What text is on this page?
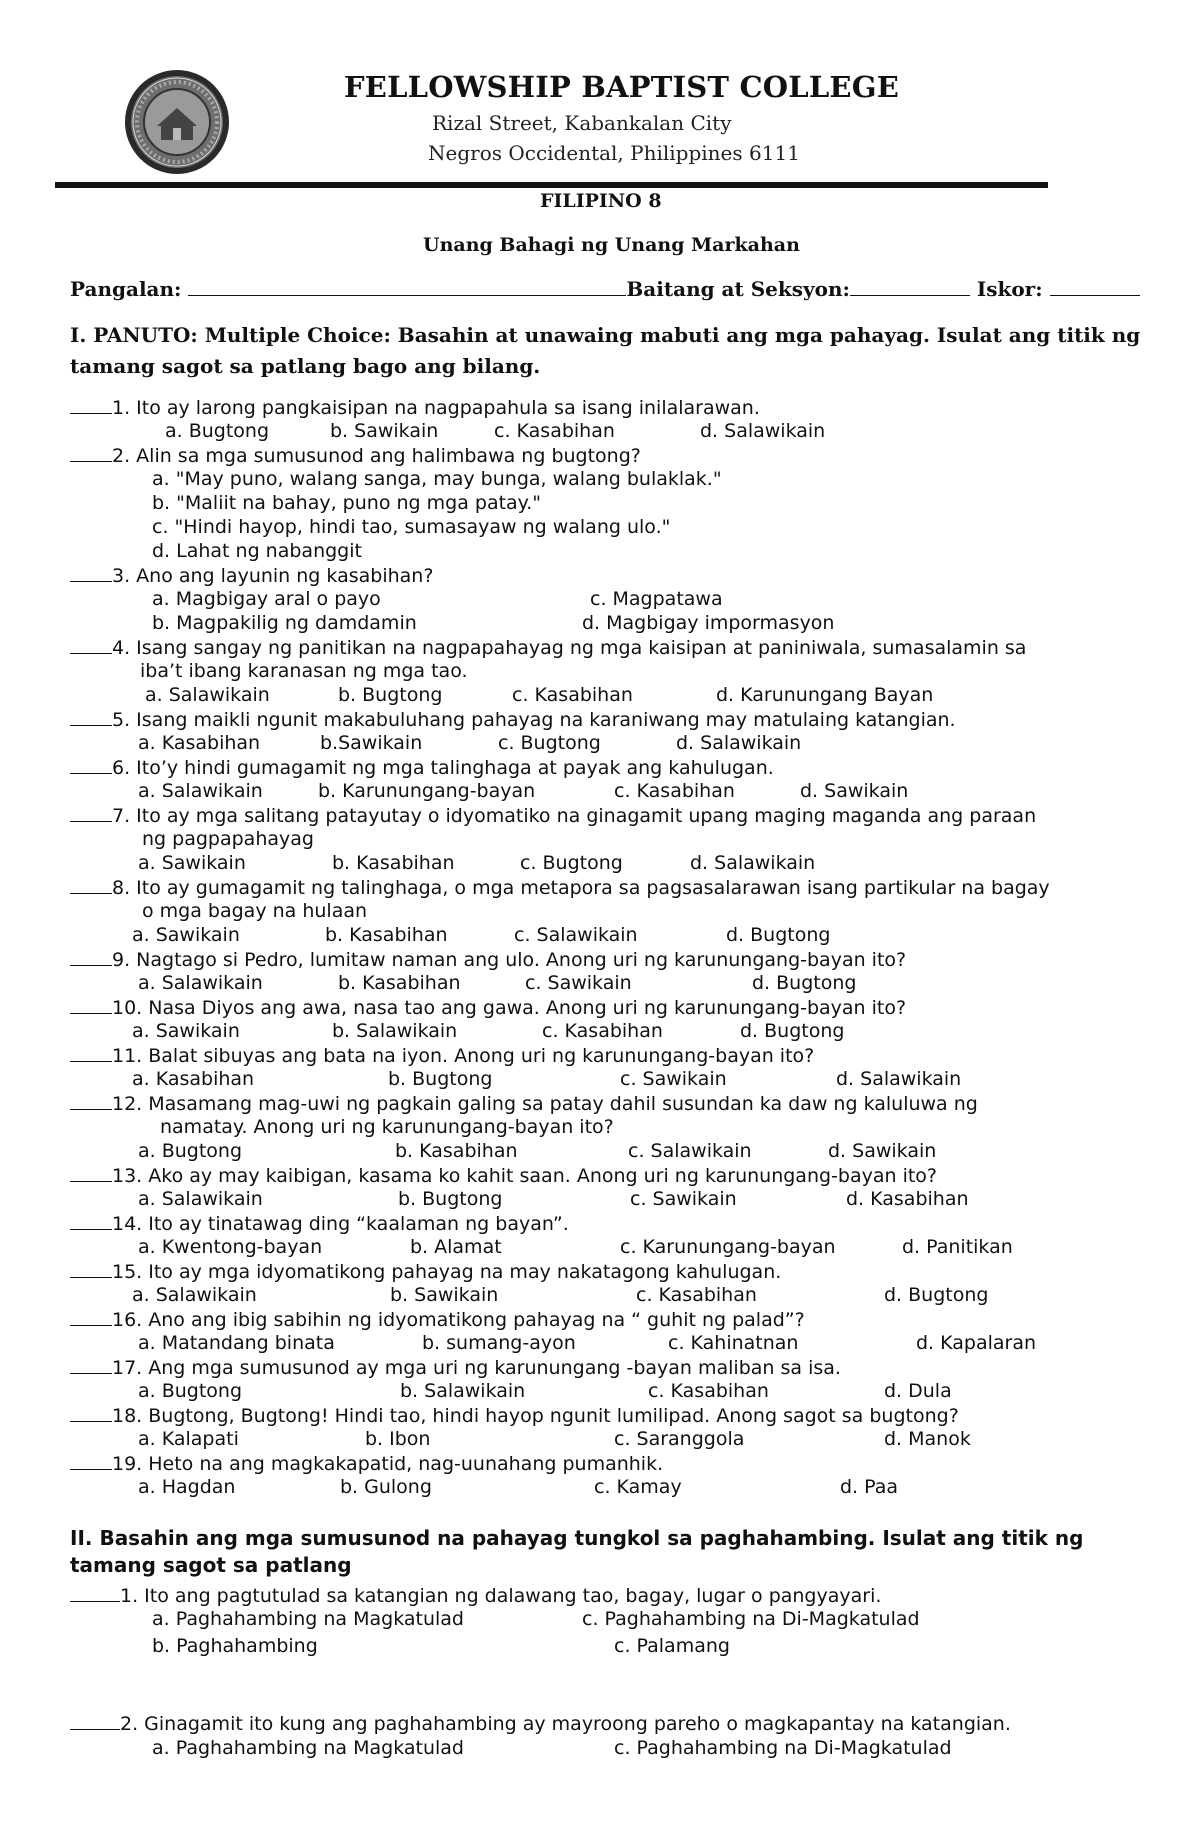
FELLOWSHIP BAPTIST COLLEGE
Rizal Street, Kabankalan City
Negros Occidental, Philippines 6111
FILIPINO 8
Unang Bahagi ng Unang Markahan
Pangalan:	Baitang at Seksyon:	Iskor:
I. PANUTO: Multiple Choice: Basahin at unawaing mabuti ang mga pahayag. Isulat ang titik ng tamang sagot sa patlang bago ang bilang.
1. Ito ay larong pangkaisipan na nagpapahula sa isang inilalarawan.
a. Bugtong	b. Sawikain	c. Kasabihan	d. Salawikain
2. Alin sa mga sumusunod ang halimbawa ng bugtong?
a. "May puno, walang sanga, may bunga, walang bulaklak."
b. "Maliit na bahay, puno ng mga patay."
c. "Hindi hayop, hindi tao, sumasayaw ng walang ulo."
d. Lahat ng nabanggit
3. Ano ang layunin ng kasabihan?
a. Magbigay aral o payo	c. Magpatawa
b. Magpakilig ng damdamin	d. Magbigay impormasyon
4. Isang sangay ng panitikan na nagpapahayag ng mga kaisipan at paniniwala, sumasalamin sa
iba’t ibang karanasan ng mga tao.
a. Salawikain	b. Bugtong	c. Kasabihan	d. Karunungang Bayan
5. Isang maikli ngunit makabuluhang pahayag na karaniwang may matulaing katangian.
a. Kasabihan	b.Sawikain	c. Bugtong	d. Salawikain
6. Ito’y hindi gumagamit ng mga talinghaga at payak ang kahulugan.
a. Salawikain	b. Karunungang-bayan	c. Kasabihan	d. Sawikain
7. Ito ay mga salitang patayutay o idyomatiko na ginagamit upang maging maganda ang paraan
ng pagpapahayag
a. Sawikain	b. Kasabihan	c. Bugtong	d. Salawikain
8. Ito ay gumagamit ng talinghaga, o mga metapora sa pagsasalarawan isang partikular na bagay
o mga bagay na hulaan
a. Sawikain	b. Kasabihan	c. Salawikain	d. Bugtong
9. Nagtago si Pedro, lumitaw naman ang ulo. Anong uri ng karunungang-bayan ito?
a. Salawikain	b. Kasabihan	c. Sawikain	d. Bugtong
10. Nasa Diyos ang awa, nasa tao ang gawa. Anong uri ng karunungang-bayan ito?
a. Sawikain	b. Salawikain	c. Kasabihan	d. Bugtong
11. Balat sibuyas ang bata na iyon. Anong uri ng karunungang-bayan ito?
a. Kasabihan	b. Bugtong	c. Sawikain	d. Salawikain
12. Masamang mag-uwi ng pagkain galing sa patay dahil susundan ka daw ng kaluluwa ng
namatay. Anong uri ng karunungang-bayan ito?
a. Bugtong	b. Kasabihan	c. Salawikain	d. Sawikain
13. Ako ay may kaibigan, kasama ko kahit saan. Anong uri ng karunungang-bayan ito?
a. Salawikain	b. Bugtong	c. Sawikain	d. Kasabihan
14. Ito ay tinatawag ding “kaalaman ng bayan”.
a. Kwentong-bayan	b. Alamat	c. Karunungang-bayan	d. Panitikan
15. Ito ay mga idyomatikong pahayag na may nakatagong kahulugan.
a. Salawikain	b. Sawikain	c. Kasabihan	d. Bugtong
16. Ano ang ibig sabihin ng idyomatikong pahayag na “ guhit ng palad”?
a. Matandang binata	b. sumang-ayon	c. Kahinatnan	d. Kapalaran
17. Ang mga sumusunod ay mga uri ng karunungang -bayan maliban sa isa.
a. Bugtong	b. Salawikain	c. Kasabihan	d. Dula
18. Bugtong, Bugtong! Hindi tao, hindi hayop ngunit lumilipad. Anong sagot sa bugtong?
a. Kalapati	b. Ibon	c. Saranggola	d. Manok
19. Heto na ang magkakapatid, nag-uunahang pumanhik.
a. Hagdan	b. Gulong	c. Kamay	d. Paa
II. Basahin ang mga sumusunod na pahayag tungkol sa paghahambing. Isulat ang titik ng tamang sagot sa patlang
1. Ito ang pagtutulad sa katangian ng dalawang tao, bagay, lugar o pangyayari.
a. Paghahambing na Magkatulad	c. Paghahambing na Di-Magkatulad
b. Paghahambing	c. Palamang
2. Ginagamit ito kung ang paghahambing ay mayroong pareho o magkapantay na katangian.
a. Paghahambing na Magkatulad	c. Paghahambing na Di-Magkatulad
